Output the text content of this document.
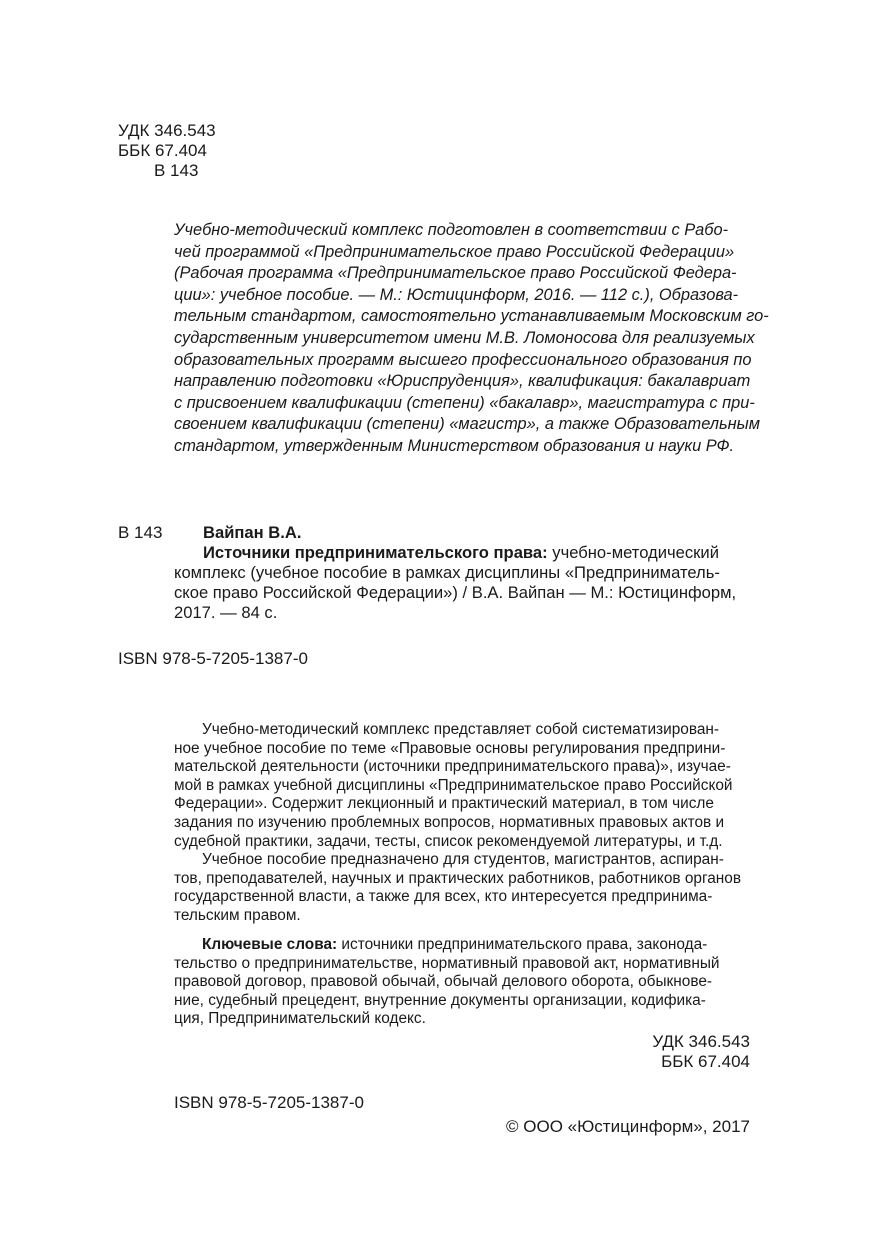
УДК 346.543
ББК 67.404
В 143
Учебно-методический комплекс подготовлен в соответствии с Рабо-
чей программой «Предпринимательское право Российской Федерации»
(Рабочая программа «Предпринимательское право Российской Федера-
ции»: учебное пособие. — М.: Юстицинформ, 2016. — 112 с.), Образова-
тельным стандартом, самостоятельно устанавливаемым Московским го-
сударственным университетом имени М.В. Ломоносова для реализуемых
образовательных программ высшего профессионального образования по
направлению подготовки «Юриспруденция», квалификация: бакалавриат
с присвоением квалификации (степени) «бакалавр», магистратура с при-
своением квалификации (степени) «магистр», а также Образовательным
стандартом, утвержденным Министерством образования и науки РФ.
В 143 Вайпан В.А.
Источники предпринимательского права: учебно-методический
комплекс (учебное пособие в рамках дисциплины «Предприниматель-
ское право Российской Федерации») / В.А. Вайпан — М.: Юстицинформ,
2017. — 84 с.
ISBN 978-5-7205-1387-0
Учебно-методический комплекс представляет собой систематизирован-
ное учебное пособие по теме «Правовые основы регулирования предприни-
мательской деятельности (источники предпринимательского права)», изучае-
мой в рамках учебной дисциплины «Предпринимательское право Российской
Федерации». Содержит лекционный и практический материал, в том числе
задания по изучению проблемных вопросов, нормативных правовых актов и
судебной практики, задачи, тесты, список рекомендуемой литературы, и т.д.
Учебное пособие предназначено для студентов, магистрантов, аспиран-
тов, преподавателей, научных и практических работников, работников органов
государственной власти, а также для всех, кто интересуется предпринима-
тельским правом.
Ключевые слова: источники предпринимательского права, законода-
тельство о предпринимательстве, нормативный правовой акт, нормативный
правовой договор, правовой обычай, обычай делового оборота, обыкнове-
ние, судебный прецедент, внутренние документы организации, кодифика-
ция, Предпринимательский кодекс.
УДК 346.543
ББК 67.404
ISBN 978-5-7205-1387-0
© ООО «Юстицинформ», 2017
